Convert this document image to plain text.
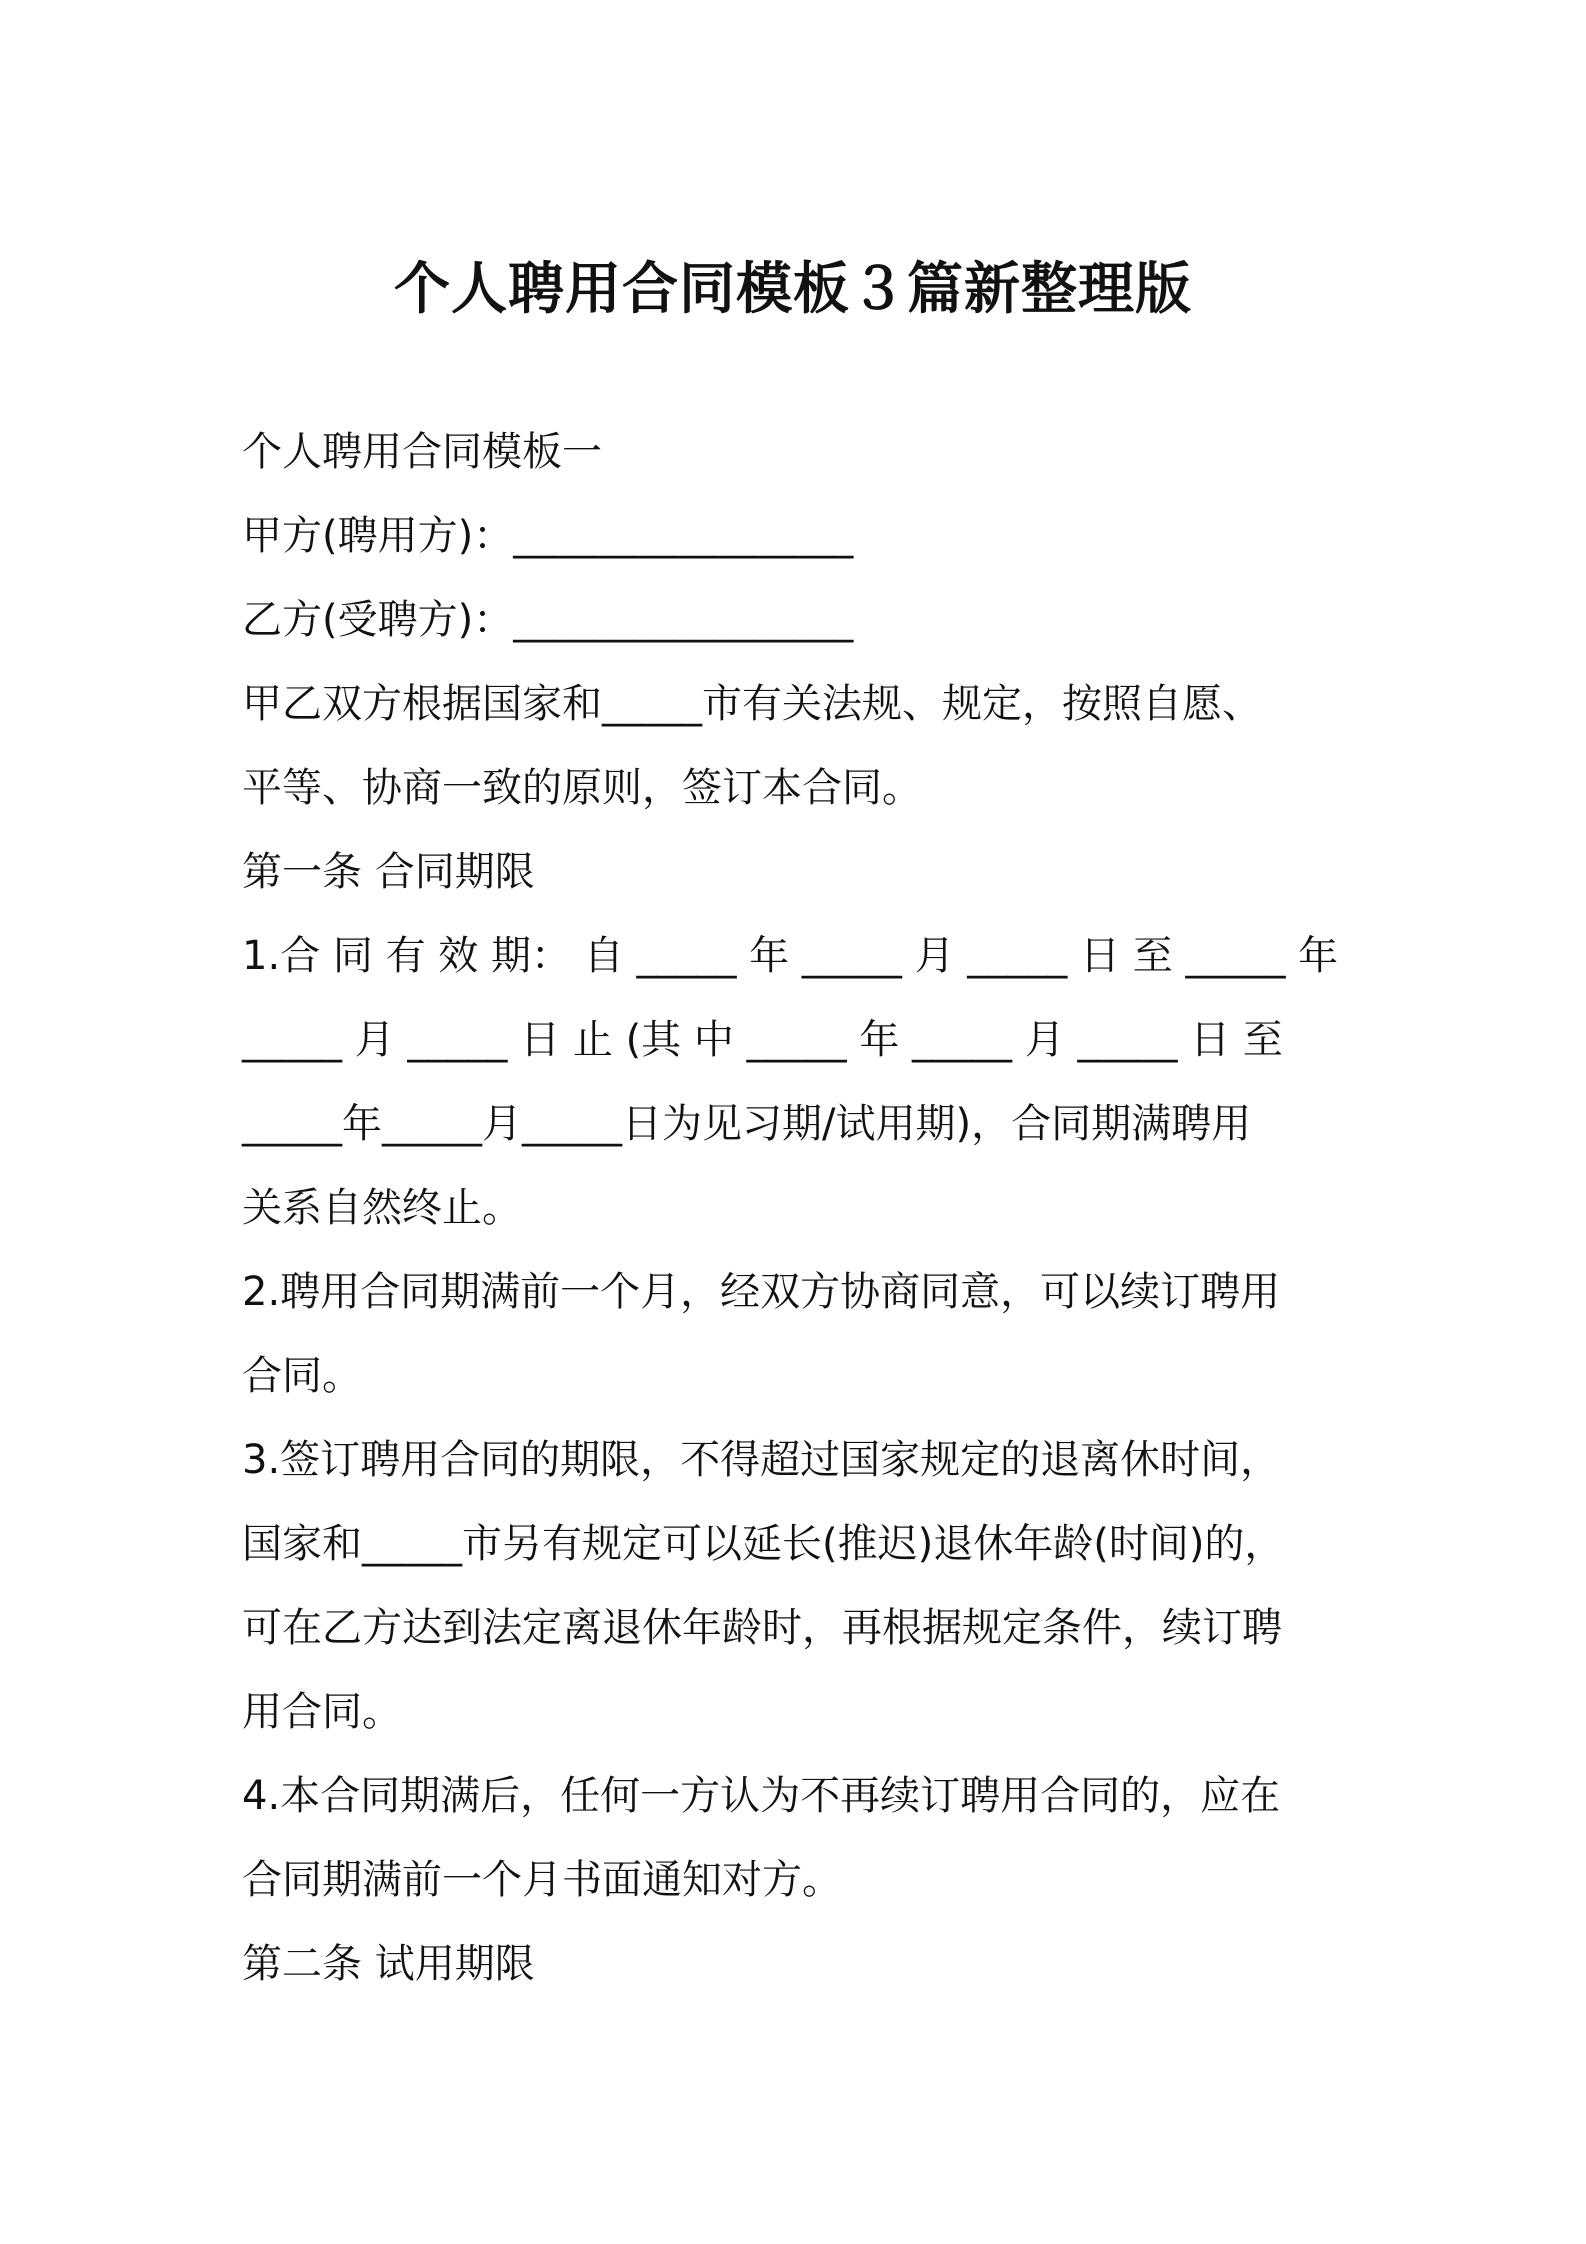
个人聘用合同模板３篇新整理版
个人聘用合同模板一
甲方(聘用方)：_________________
乙方(受聘方)：_________________
甲乙双方根据国家和_____市有关法规、规定，按照自愿、
平等、协商一致的原则，签订本合同。
第一条 合同期限
1.合 同 有 效 期： 自 _____ 年 _____ 月 _____ 日 至 _____ 年
_____ 月 _____ 日 止 (其 中 _____ 年 _____ 月 _____ 日 至
_____年_____月_____日为见习期/试用期)，合同期满聘用
关系自然终止。
2.聘用合同期满前一个月，经双方协商同意，可以续订聘用
合同。
3.签订聘用合同的期限，不得超过国家规定的退离休时间，
国家和_____市另有规定可以延长(推迟)退休年龄(时间)的，
可在乙方达到法定离退休年龄时，再根据规定条件，续订聘
用合同。
4.本合同期满后，任何一方认为不再续订聘用合同的，应在
合同期满前一个月书面通知对方。
第二条 试用期限
